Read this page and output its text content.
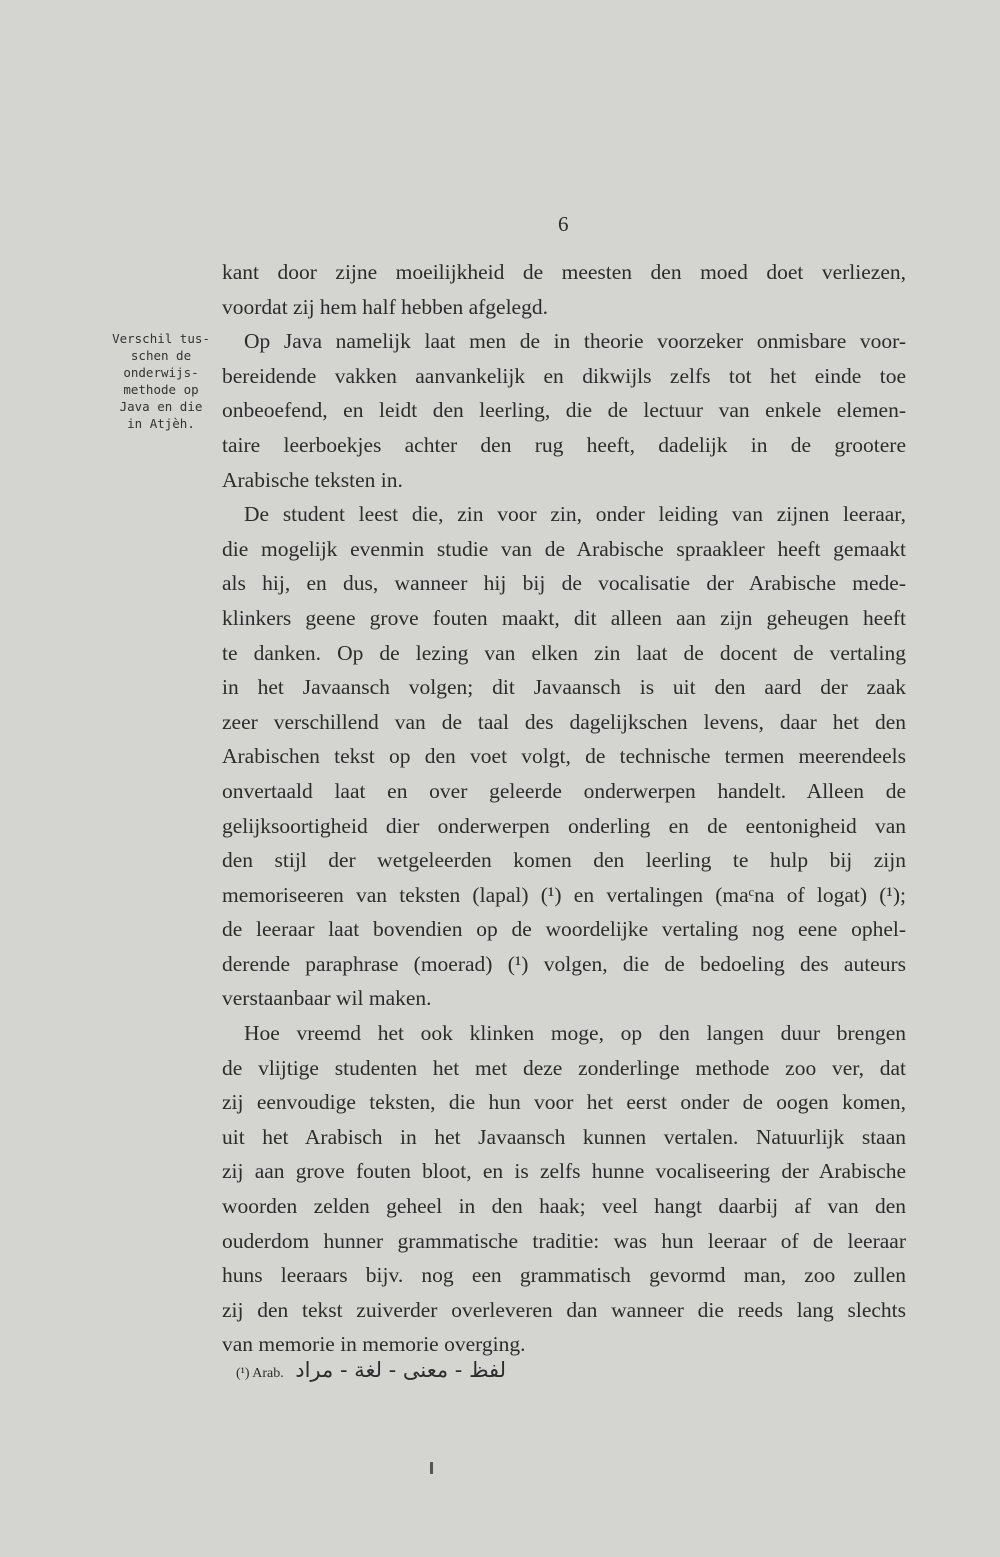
6
Verschil tus-
schen de
onderwijs-
methode op
Java en die
in Atjèh.
kant door zijne moeilijkheid de meesten den moed doet verliezen,
voordat zij hem half hebben afgelegd.
Op Java namelijk laat men de in theorie voorzeker onmisbare voor-
bereidende vakken aanvankelijk en dikwijls zelfs tot het einde toe
onbeoefend, en leidt den leerling, die de lectuur van enkele elemen-
taire leerboekjes achter den rug heeft, dadelijk in de grootere
Arabische teksten in.
De student leest die, zin voor zin, onder leiding van zijnen leeraar,
die mogelijk evenmin studie van de Arabische spraakleer heeft gemaakt
als hij, en dus, wanneer hij bij de vocalisatie der Arabische mede-
klinkers geene grove fouten maakt, dit alleen aan zijn geheugen heeft
te danken. Op de lezing van elken zin laat de docent de vertaling
in het Javaansch volgen; dit Javaansch is uit den aard der zaak
zeer verschillend van de taal des dagelijkschen levens, daar het den
Arabischen tekst op den voet volgt, de technische termen meerendeels
onvertaald laat en over geleerde onderwerpen handelt. Alleen de
gelijksoortigheid dier onderwerpen onderling en de eentonigheid van
den stijl der wetgeleerden komen den leerling te hulp bij zijn
memoriseeren van teksten (lapal) (¹) en vertalingen (maᶜna of logat) (¹);
de leeraar laat bovendien op de woordelijke vertaling nog eene ophel-
derende paraphrase (moerad) (¹) volgen, die de bedoeling des auteurs
verstaanbaar wil maken.
Hoe vreemd het ook klinken moge, op den langen duur brengen
de vlijtige studenten het met deze zonderlinge methode zoo ver, dat
zij eenvoudige teksten, die hun voor het eerst onder de oogen komen,
uit het Arabisch in het Javaansch kunnen vertalen. Natuurlijk staan
zij aan grove fouten bloot, en is zelfs hunne vocaliseering der Arabische
woorden zelden geheel in den haak; veel hangt daarbij af van den
ouderdom hunner grammatische traditie: was hun leeraar of de leeraar
huns leeraars bijv. nog een grammatisch gevormd man, zoo zullen
zij den tekst zuiverder overleveren dan wanneer die reeds lang slechts
van memorie in memorie overging.
(¹) Arab. لفظ - معنى - لغة - مراد
